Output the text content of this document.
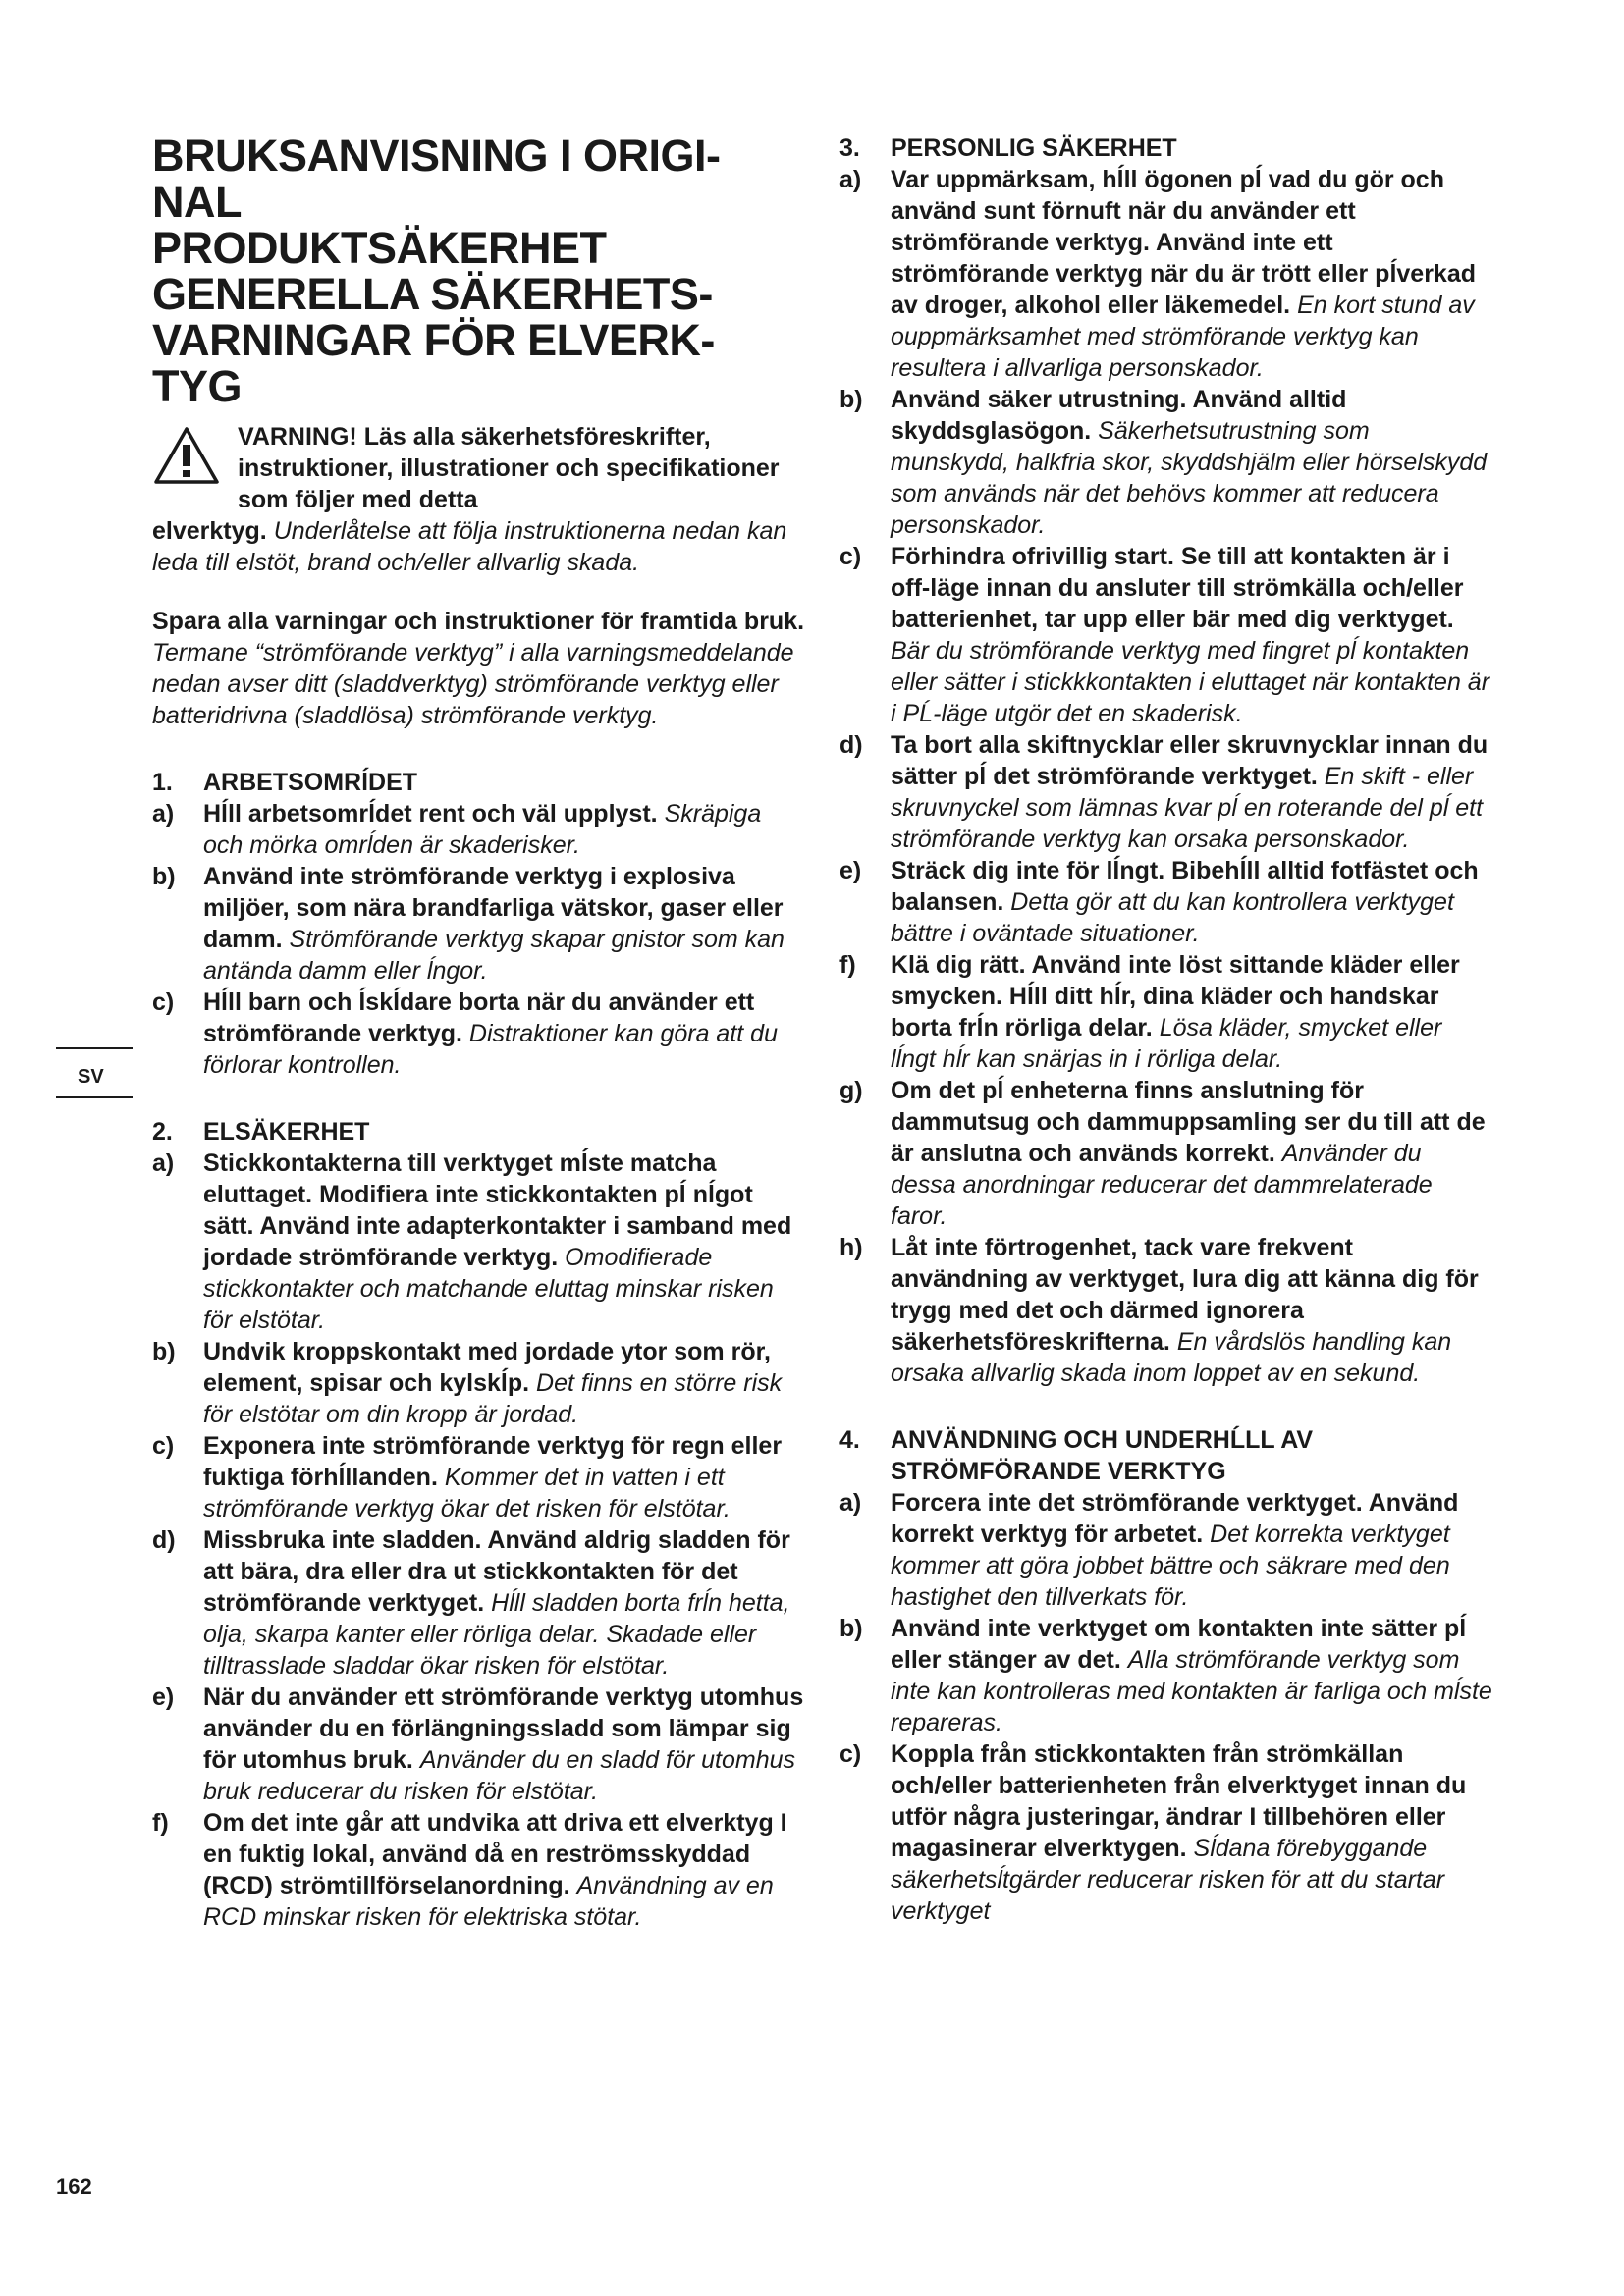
BRUKSANVISNING I ORIGI-
NAL
PRODUKTSÄKERHET
GENERELLA SÄKERHETS-
VARNINGAR FÖR ELVERK-
TYG

VARNING! Läs alla säkerhetsföreskrifter, instruktioner, illustrationer och specifikationer som följer med detta

elverktyg. Underlåtelse att följa instruktionerna nedan kan leda till elstöt, brand och/eller allvarlig skada.

Spara alla varningar och instruktioner för framtida bruk.

Termane “strömförande verktyg” i alla varningsmeddelande nedan avser ditt (sladdverktyg) strömförande verktyg eller batteridrivna (sladdlösa) strömförande verktyg.

1. ARBETSOMRĺDET

a) Hĺll arbetsomrĺdet rent och väl upplyst. Skräpiga och mörka omrĺden är skaderisker.
b) Använd inte strömförande verktyg i explosiva miljöer, som nära brandfarliga vätskor, gaser eller damm. Strömförande verktyg skapar gnistor som kan antända damm eller ĺngor.
c) Hĺll barn och ĺskĺdare borta när du använder ett strömförande verktyg. Distraktioner kan göra att du förlorar kontrollen.

2. ELSÄKERHET

a) Stickkontakterna till verktyget mĺste matcha eluttaget. Modifiera inte stickkontakten pĺ nĺgot sätt. Använd inte adapterkontakter i samband med jordade strömförande verktyg. Omodifierade stickkontakter och matchande eluttag minskar risken för elstötar.
b) Undvik kroppskontakt med jordade ytor som rör, element, spisar och kylskĺp. Det finns en större risk för elstötar om din kropp är jordad.
c) Exponera inte strömförande verktyg för regn eller fuktiga förhĺllanden. Kommer det in vatten i ett strömförande verktyg ökar det risken för elstötar.
d) Missbruka inte sladden. Använd aldrig sladden för att bära, dra eller dra ut stickkontakten för det strömförande verktyget. Hĺll sladden borta frĺn hetta, olja, skarpa kanter eller rörliga delar. Skadade eller tilltrasslade sladdar ökar risken för elstötar.
e) När du använder ett strömförande verktyg utomhus använder du en förlängningssladd som lämpar sig för utomhus bruk. Använder du en sladd för utomhus bruk reducerar du risken för elstötar.
f) Om det inte går att undvika att driva ett elverktyg I en fuktig lokal, använd då en reströmsskyddad (RCD) strömtillförselanordning. Användning av en RCD minskar risken för elektriska stötar.

3. PERSONLIG SÄKERHET

a) Var uppmärksam, hĺll ögonen pĺ vad du gör och använd sunt förnuft när du använder ett strömförande verktyg. Använd inte ett strömförande verktyg när du är trött eller pĺverkad av droger, alkohol eller läkemedel. En kort stund av ouppmärksamhet med strömförande verktyg kan resultera i allvarliga personskador.
b) Använd säker utrustning. Använd alltid skyddsglasögon. Säkerhetsutrustning som munskydd, halkfria skor, skyddshjälm eller hörselskydd som används när det behövs kommer att reducera personskador.
c) Förhindra ofrivillig start. Se till att kontakten är i off-läge innan du ansluter till strömkälla och/eller batterienhet, tar upp eller bär med dig verktyget. Bär du strömförande verktyg med fingret pĺ kontakten eller sätter i stickkkontakten i eluttaget när kontakten är i PĹ-läge utgör det en skaderisk.
d) Ta bort alla skiftnycklar eller skruvnycklar innan du sätter pĺ det strömförande verktyget. En skift - eller skruvnyckel som lämnas kvar pĺ en roterande del pĺ ett strömförande verktyg kan orsaka personskador.
e) Sträck dig inte för lĺngt. Bibehĺll alltid fotfästet och balansen. Detta gör att du kan kontrollera verktyget bättre i oväntade situationer.
f) Klä dig rätt. Använd inte löst sittande kläder eller smycken. Hĺll ditt hĺr, dina kläder och handskar borta frĺn rörliga delar. Lösa kläder, smycket eller lĺngt hĺr kan snärjas in i rörliga delar.
g) Om det pĺ enheterna finns anslutning för dammutsug och dammuppsamling ser du till att de är anslutna och används korrekt. Använder du dessa anordningar reducerar det dammrelaterade faror.
h) Låt inte förtrogenhet, tack vare frekvent användning av verktyget, lura dig att känna dig för trygg med det och därmed ignorera säkerhetsföreskrifterna. En vårdslös handling kan orsaka allvarlig skada inom loppet av en sekund.

4. ANVÄNDNING OCH UNDERHĹLL AV STRÖMFÖRANDE VERKTYG

a) Forcera inte det strömförande verktyget. Använd korrekt verktyg för arbetet. Det korrekta verktyget kommer att göra jobbet bättre och säkrare med den hastighet den tillverkats för.
b) Använd inte verktyget om kontakten inte sätter pĺ eller stänger av det. Alla strömförande verktyg som inte kan kontrolleras med kontakten är farliga och mĺste repareras.
c) Koppla från stickkontakten från strömkällan och/eller batterienheten från elverktyget innan du utför några justeringar, ändrar I tillbehören eller magasinerar elverktygen. Sĺdana förebyggande säkerhetsĺtgärder reducerar risken för att du startar verktyget
SV
162
